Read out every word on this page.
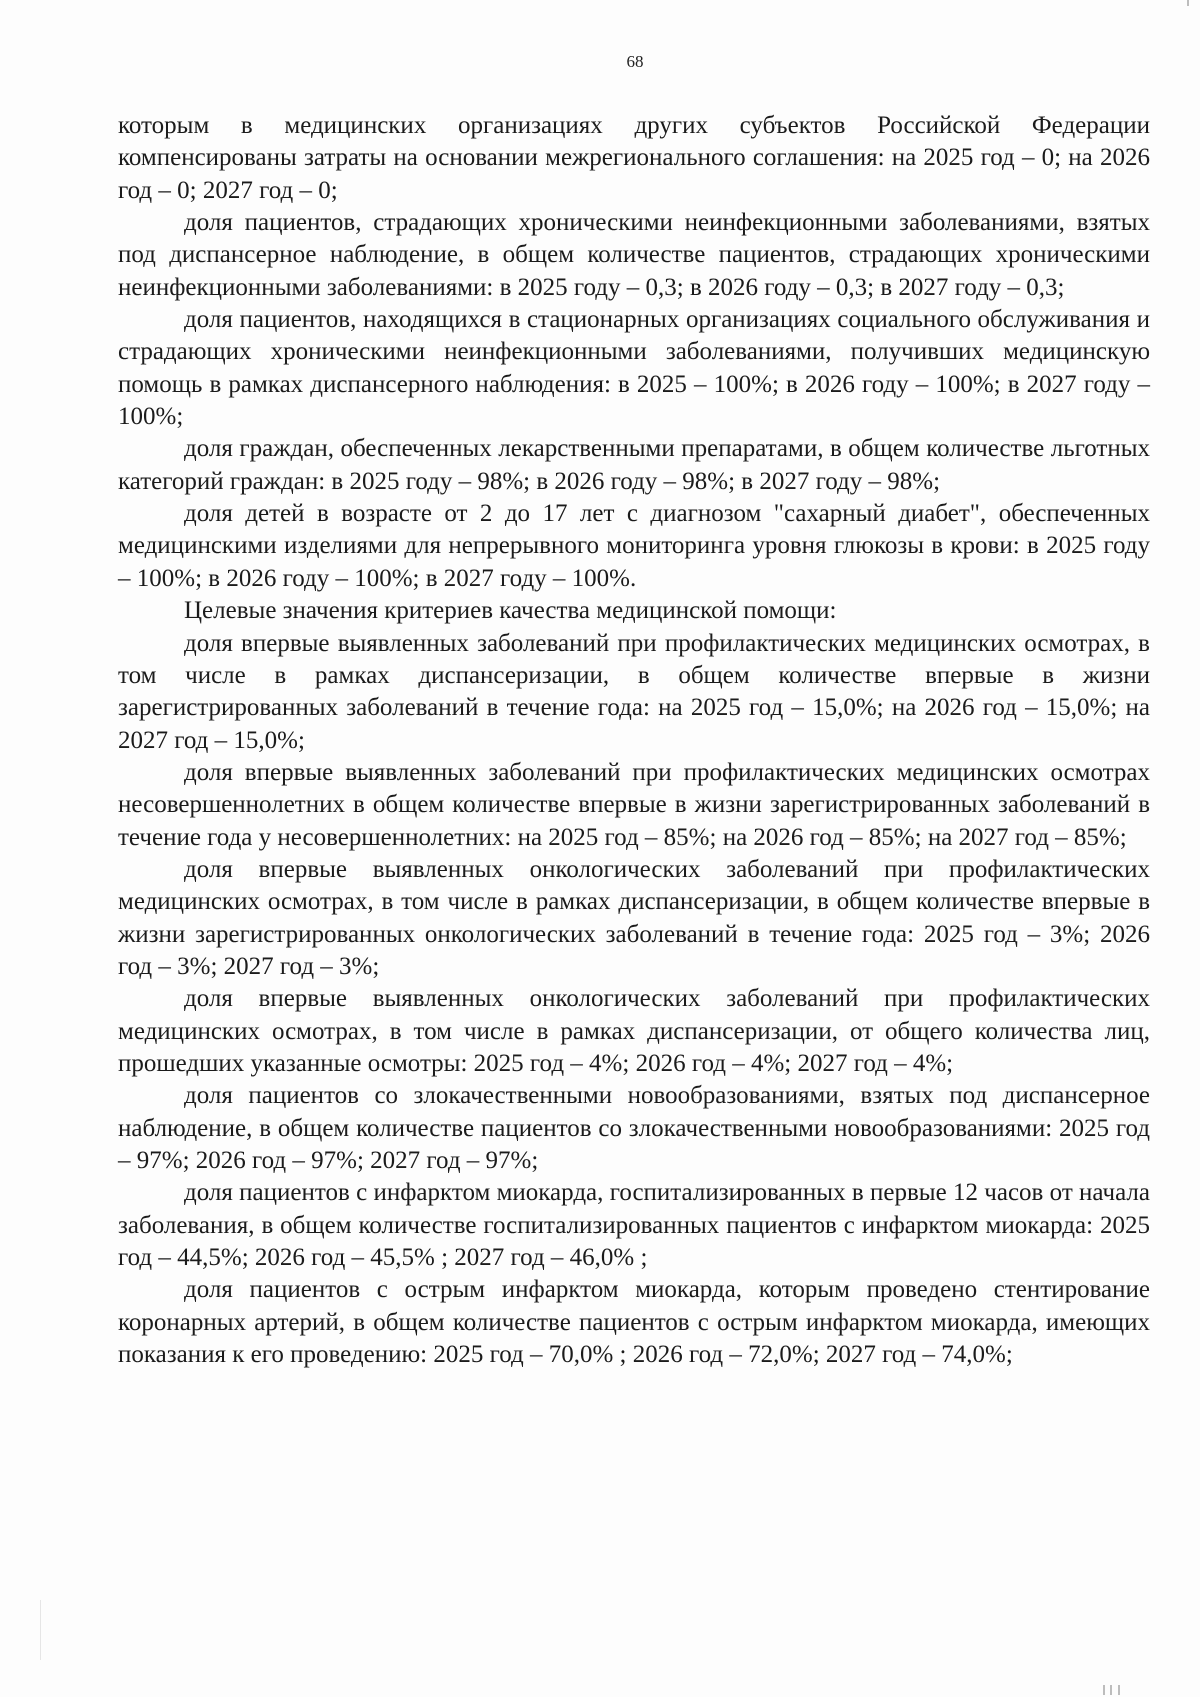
68

которым в медицинских организациях других субъектов Российской Федерации компенсированы затраты на основании межрегионального соглашения: на 2025 год – 0; на 2026 год – 0; 2027 год – 0;

доля пациентов, страдающих хроническими неинфекционными заболеваниями, взятых под диспансерное наблюдение, в общем количестве пациентов, страдающих хроническими неинфекционными заболеваниями: в 2025 году – 0,3; в 2026 году – 0,3; в 2027 году – 0,3;

доля пациентов, находящихся в стационарных организациях социального обслуживания и страдающих хроническими неинфекционными заболеваниями, получивших медицинскую помощь в рамках диспансерного наблюдения: в 2025 – 100%; в 2026 году – 100%; в 2027 году – 100%;

доля граждан, обеспеченных лекарственными препаратами, в общем количестве льготных категорий граждан: в 2025 году – 98%; в 2026 году – 98%; в 2027 году – 98%;

доля детей в возрасте от 2 до 17 лет с диагнозом "сахарный диабет", обеспеченных медицинскими изделиями для непрерывного мониторинга уровня глюкозы в крови: в 2025 году – 100%; в 2026 году – 100%; в 2027 году – 100%.

Целевые значения критериев качества медицинской помощи:

доля впервые выявленных заболеваний при профилактических медицинских осмотрах, в том числе в рамках диспансеризации, в общем количестве впервые в жизни зарегистрированных заболеваний в течение года: на 2025 год – 15,0%; на 2026 год – 15,0%; на 2027 год – 15,0%;

доля впервые выявленных заболеваний при профилактических медицинских осмотрах несовершеннолетних в общем количестве впервые в жизни зарегистрированных заболеваний в течение года у несовершеннолетних: на 2025 год – 85%; на 2026 год – 85%; на 2027 год – 85%;

доля впервые выявленных онкологических заболеваний при профилактических медицинских осмотрах, в том числе в рамках диспансеризации, в общем количестве впервые в жизни зарегистрированных онкологических заболеваний в течение года: 2025 год – 3%; 2026 год – 3%; 2027 год – 3%;

доля впервые выявленных онкологических заболеваний при профилактических медицинских осмотрах, в том числе в рамках диспансеризации, от общего количества лиц, прошедших указанные осмотры: 2025 год – 4%; 2026 год – 4%; 2027 год – 4%;

доля пациентов со злокачественными новообразованиями, взятых под диспансерное наблюдение, в общем количестве пациентов со злокачественными новообразованиями: 2025 год – 97%; 2026 год – 97%; 2027 год – 97%;

доля пациентов с инфарктом миокарда, госпитализированных в первые 12 часов от начала заболевания, в общем количестве госпитализированных пациентов с инфарктом миокарда: 2025 год – 44,5%; 2026 год – 45,5% ; 2027 год – 46,0% ;

доля пациентов с острым инфарктом миокарда, которым проведено стентирование коронарных артерий, в общем количестве пациентов с острым инфарктом миокарда, имеющих показания к его проведению: 2025 год – 70,0% ; 2026 год – 72,0%; 2027 год – 74,0%;
